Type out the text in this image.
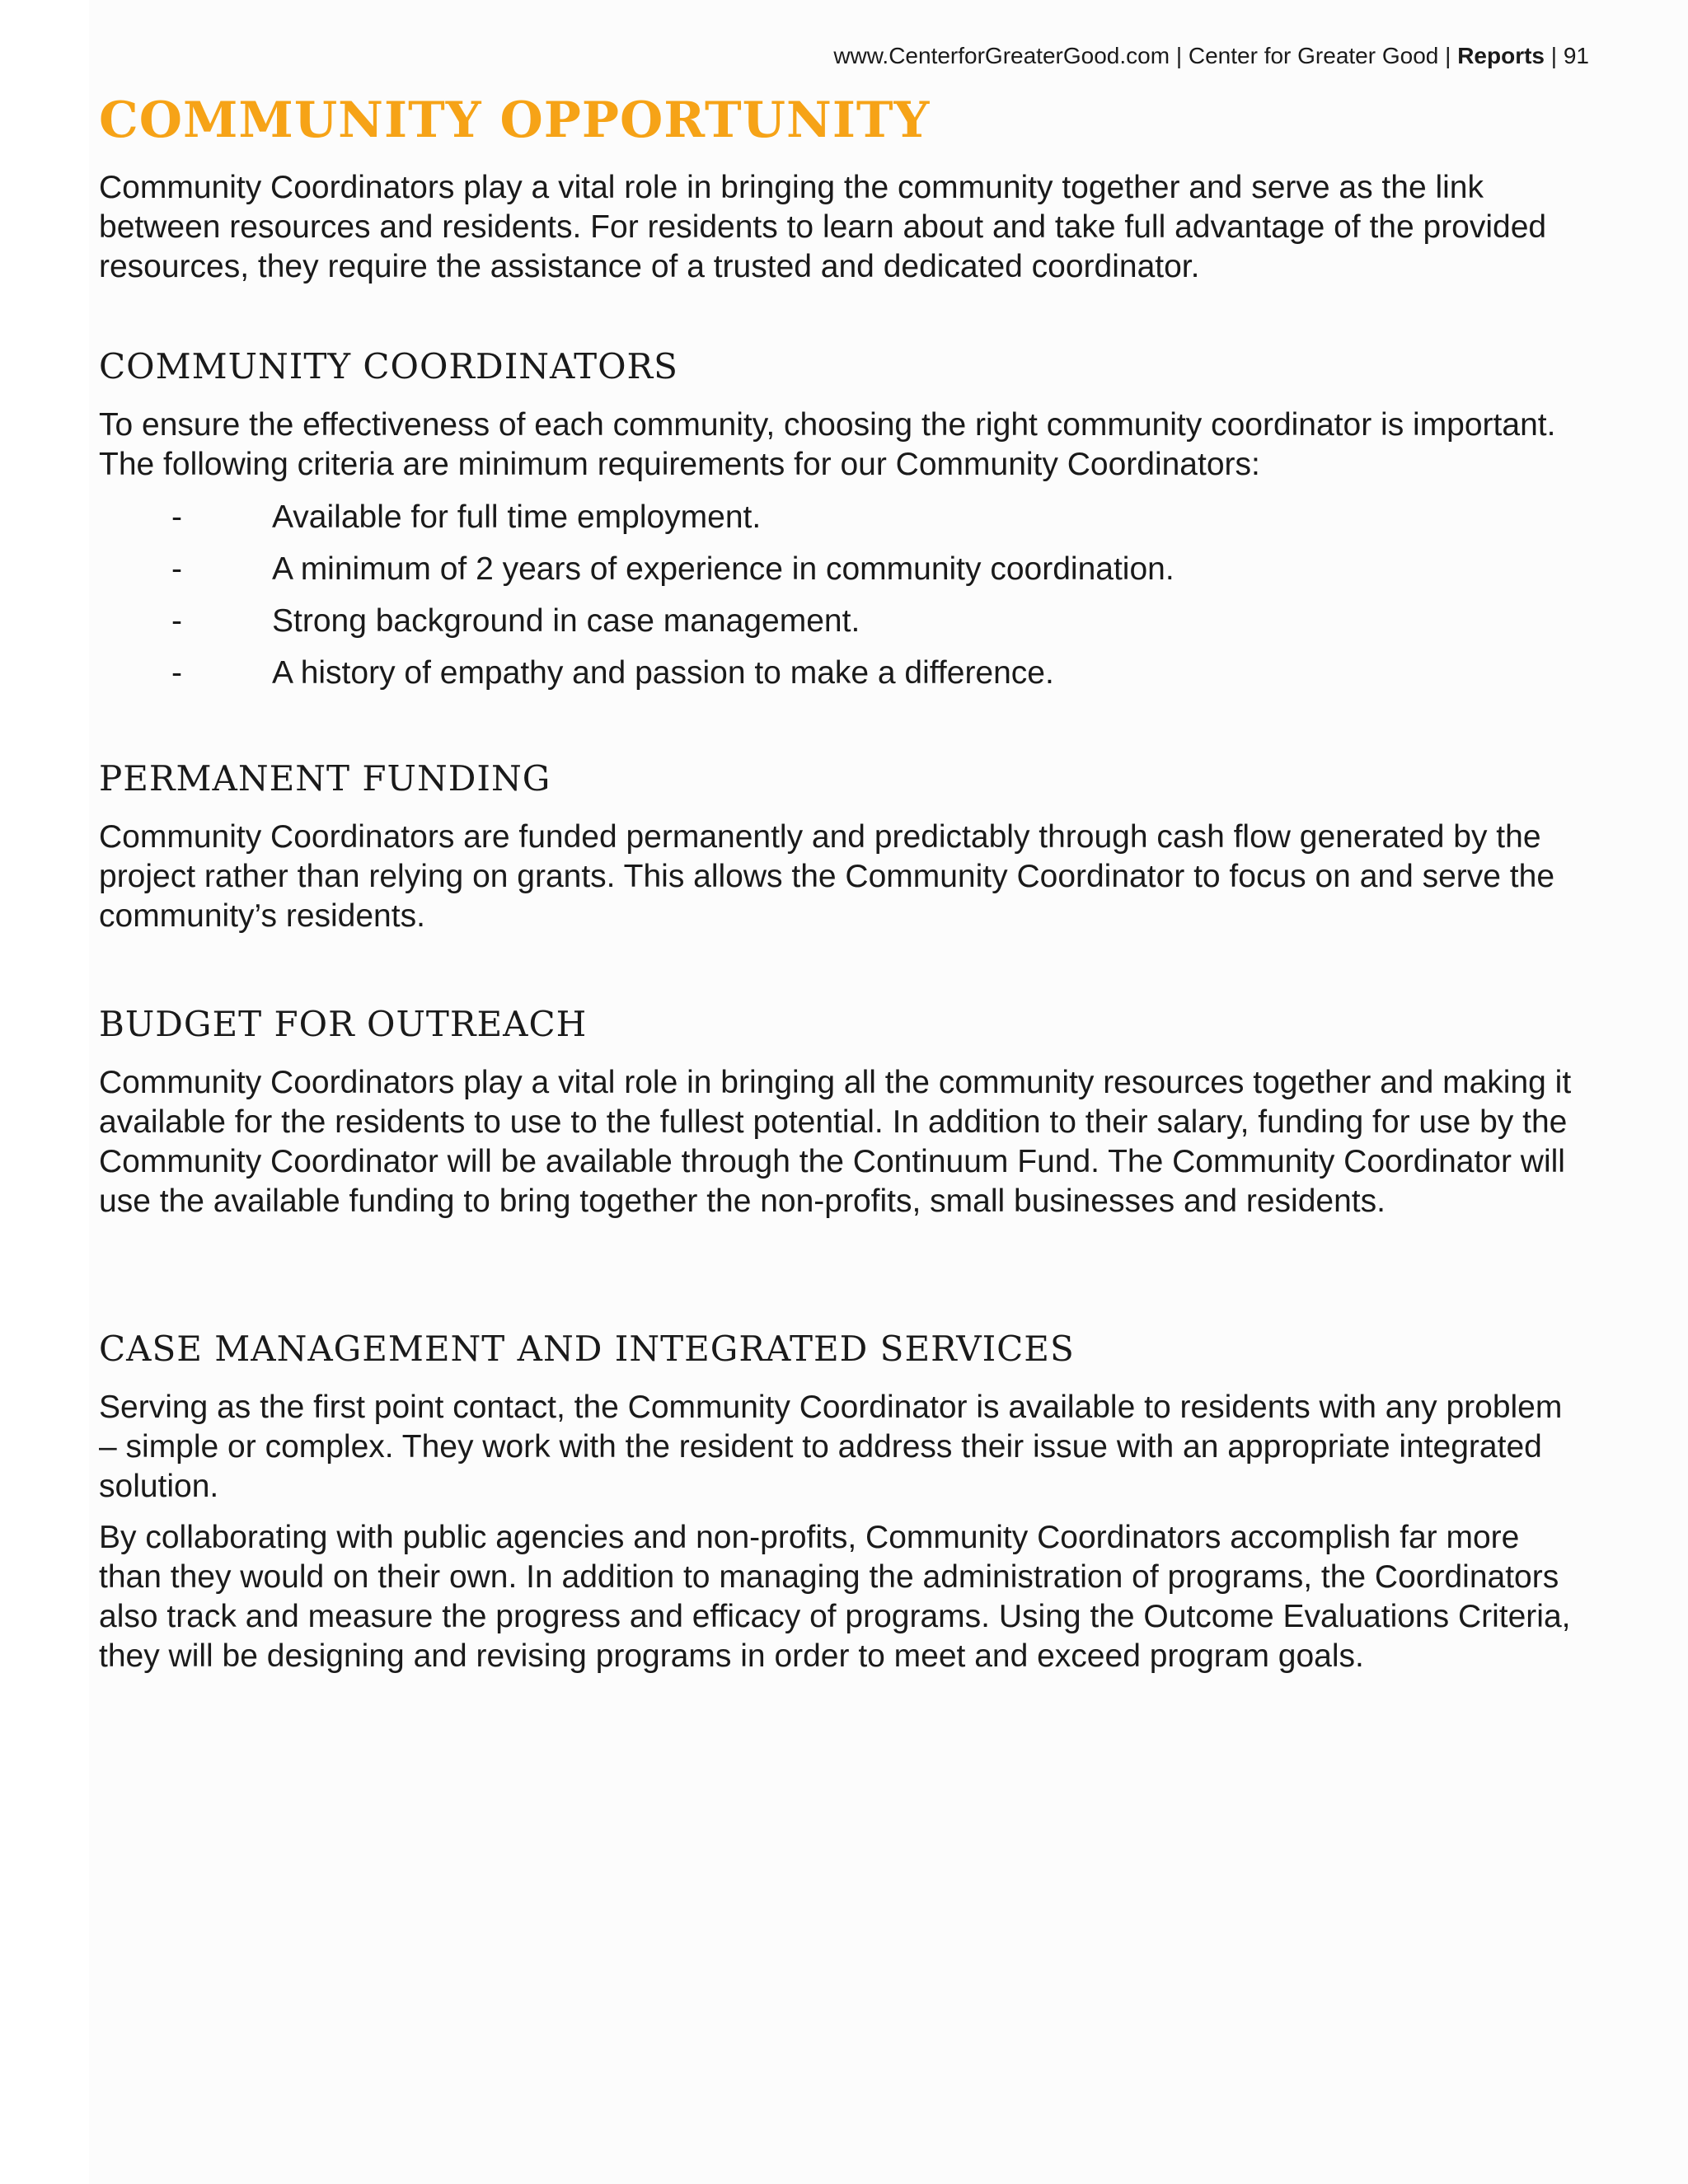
www.CenterforGreaterGood.com | Center for Greater Good | Reports | 91
COMMUNITY OPPORTUNITY

Community Coordinators play a vital role in bringing the community together and serve as the link between resources and residents. For residents to learn about and take full advantage of the provided resources, they require the assistance of a trusted and dedicated coordinator.

COMMUNITY COORDINATORS

To ensure the effectiveness of each community, choosing the right community coordinator is important. The following criteria are minimum requirements for our Community Coordinators:

-	Available for full time employment.
-	A minimum of 2 years of experience in community coordination.
-	Strong background in case management.
-	A history of empathy and passion to make a difference.
PERMANENT FUNDING

Community Coordinators are funded permanently and predictably through cash flow generated by the project rather than relying on grants. This allows the Community Coordinator to focus on and serve the community’s residents.

BUDGET FOR OUTREACH

Community Coordinators play a vital role in bringing all the community resources together and making it available for the residents to use to the fullest potential. In addition to their salary, funding for use by the Community Coordinator will be available through the Continuum Fund. The Community Coordinator will use the available funding to bring together the non-profits, small businesses and residents.

CASE MANAGEMENT AND INTEGRATED SERVICES

Serving as the first point contact, the Community Coordinator is available to residents with any problem – simple or complex. They work with the resident to address their issue with an appropriate integrated solution.

By collaborating with public agencies and non-profits, Community Coordinators accomplish far more than they would on their own. In addition to managing the administration of programs, the Coordinators also track and measure the progress and efficacy of programs. Using the Outcome Evaluations Criteria, they will be designing and revising programs in order to meet and exceed program goals.
